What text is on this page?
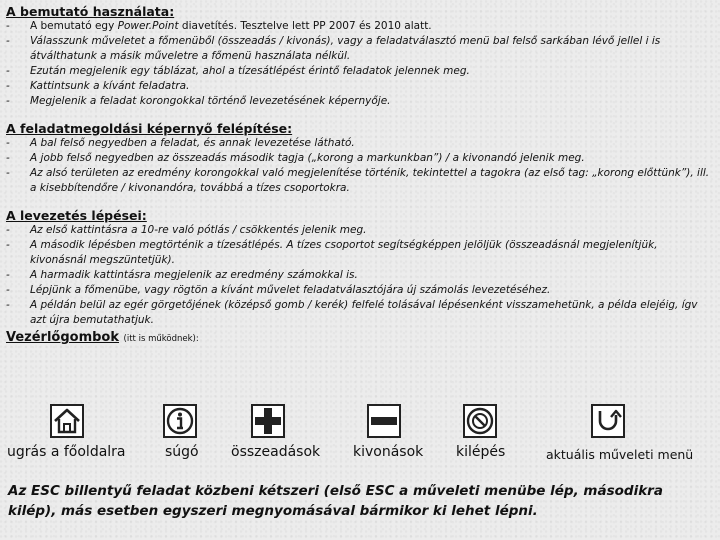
A bemutató használata:
- A bemutató egy Power.Point diavetítés. Tesztelve lett PP 2007 és 2010 alatt.
- Válasszunk műveletet a főmenüből (összeadás / kivonás), vagy a feladatválasztó menü bal felső sarkában lévő jellel i is átválthatunk a másik műveletre a főmenü használata nélkül.
- Ezután megjelenik egy táblázat, ahol a tízesátlépést érintő feladatok jelennek meg.
- Kattintsunk a kívánt feladatra.
- Megjelenik a feladat korongokkal történő levezetésének képernyője.
A feladatmegoldási képernyő felépítése:
- A bal felső negyedben a feladat, és annak levezetése látható.
- A jobb felső negyedben az összeadás második tagja („korong a markunkban”) / a kivonandó jelenik meg.
- Az alsó területen az eredmény korongokkal való megjelenítése történik, tekintettel a tagokra (az első tag: „korong előttünk”), ill. a kisebbítendőre / kivonandóra, továbbá a tízes csoportokra.
A levezetés lépései:
- Az első kattintásra a 10-re való pótlás / csökkentés jelenik meg.
- A második lépésben megtörténik a tízesátlépés. A tízes csoportot segítségképpen jelöljük (összeadásnál megjelenítjük, kivonásnál megszüntetjük).
- A harmadik kattintásra megjelenik az eredmény számokkal is.
- Lépjünk a főmenübe, vagy rögtön a kívánt művelet feladatválasztójára új számolás levezetéséhez.
- A példán belül az egér görgetőjének (középső gomb / kerék) felfelé tolásával lépésenként visszamehetünk, a példa elejéig, ígv azt újra bemutathatjuk.
Vezérlőgombok (itt is működnek):
ugrás a főoldalra	súgó összeadások kivonások kilépés	aktuális műveleti menü
Az ESC billentyű feladat közbeni kétszeri (első ESC a műveleti menübe lép, másodikra kilép), más esetben egyszeri megnyomásával bármikor ki lehet lépni.
